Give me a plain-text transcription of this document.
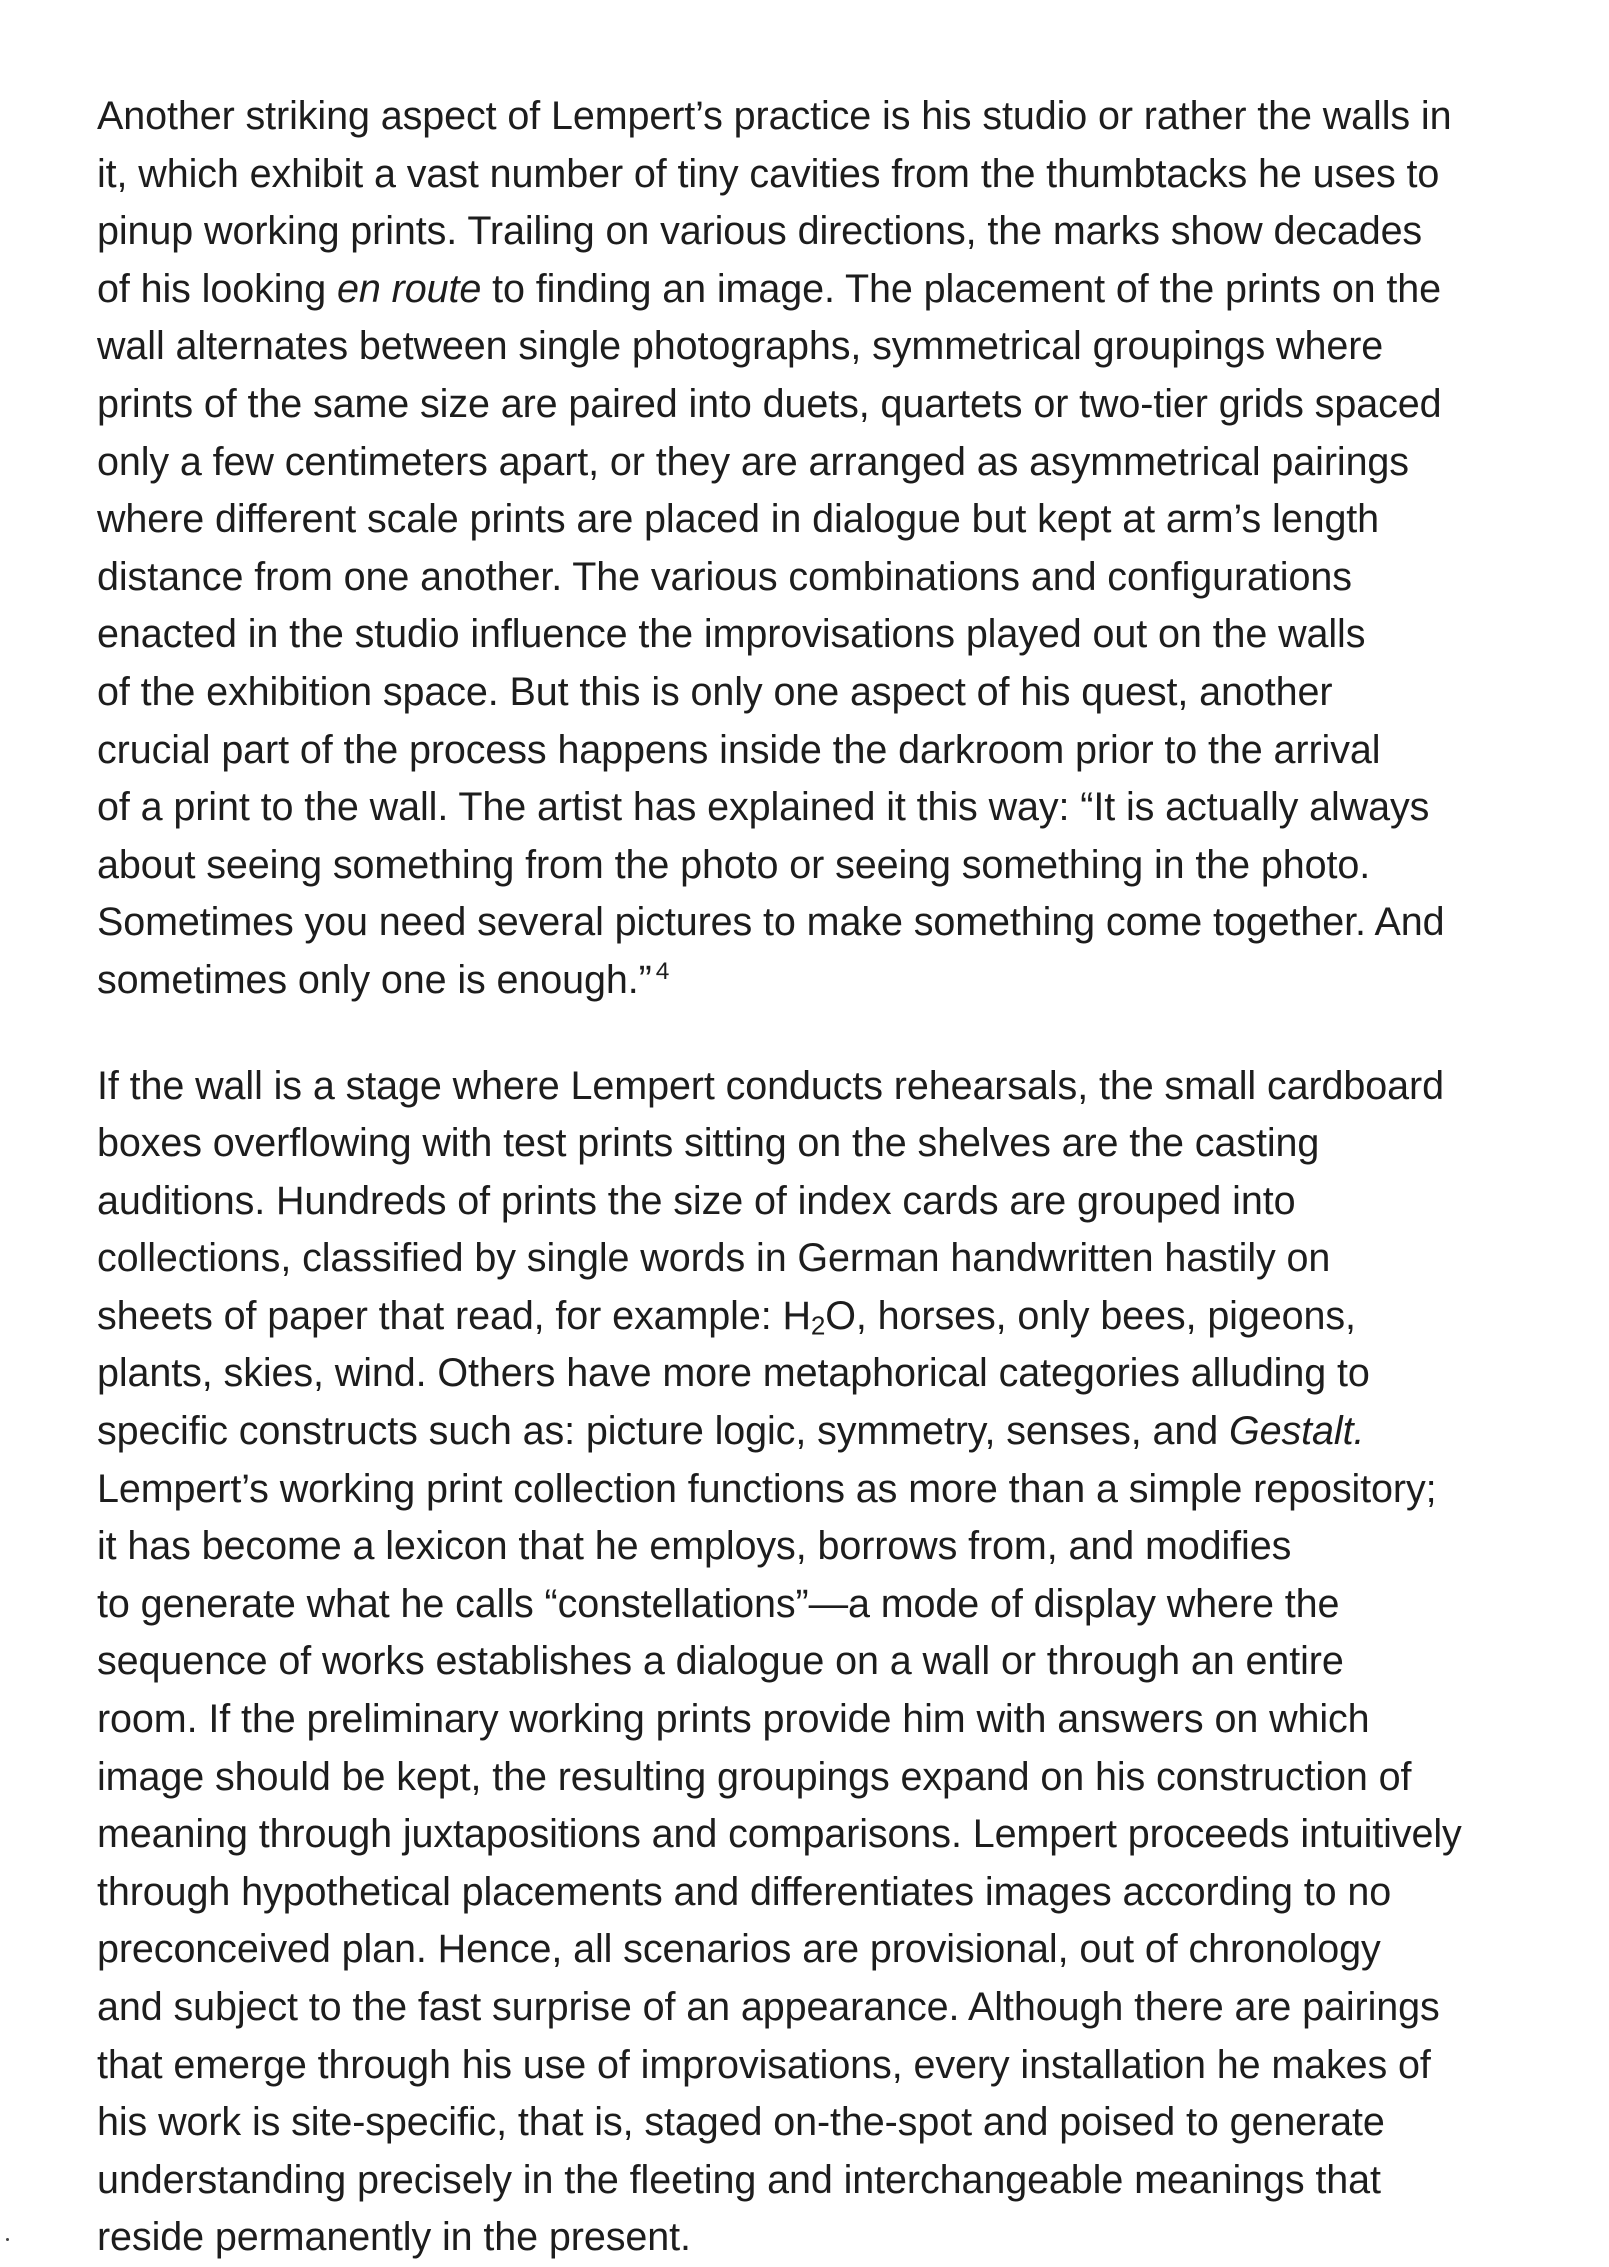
Another striking aspect of Lempert’s practice is his studio or rather the walls in
it, which exhibit a vast number of tiny cavities from the thumbtacks he uses to
pinup working prints. Trailing on various directions, the marks show decades
of his looking en route to finding an image. The placement of the prints on the
wall alternates between single photographs, symmetrical groupings where
prints of the same size are paired into duets, quartets or two-tier grids spaced
only a few centimeters apart, or they are arranged as asymmetrical pairings
where different scale prints are placed in dialogue but kept at arm’s length
distance from one another. The various combinations and configurations
enacted in the studio influence the improvisations played out on the walls
of the exhibition space. But this is only one aspect of his quest, another
crucial part of the process happens inside the darkroom prior to the arrival
of a print to the wall. The artist has explained it this way: “It is actually always
about seeing something from the photo or seeing something in the photo.
Sometimes you need several pictures to make something come together. And
sometimes only one is enough.” $^4$

If the wall is a stage where Lempert conducts rehearsals, the small cardboard
boxes overflowing with test prints sitting on the shelves are the casting
auditions. Hundreds of prints the size of index cards are grouped into
collections, classified by single words in German handwritten hastily on
sheets of paper that read, for example: $H_2O$, horses, only bees, pigeons,
plants, skies, wind. Others have more metaphorical categories alluding to
specific constructs such as: picture logic, symmetry, senses, and Gestalt.
Lempert’s working print collection functions as more than a simple repository;
it has become a lexicon that he employs, borrows from, and modifies
to generate what he calls “constellations”—a mode of display where the
sequence of works establishes a dialogue on a wall or through an entire
room. If the preliminary working prints provide him with answers on which
image should be kept, the resulting groupings expand on his construction of
meaning through juxtapositions and comparisons. Lempert proceeds intuitively
through hypothetical placements and differentiates images according to no
preconceived plan. Hence, all scenarios are provisional, out of chronology
and subject to the fast surprise of an appearance. Although there are pairings
that emerge through his use of improvisations, every installation he makes of
his work is site-specific, that is, staged on-the-spot and poised to generate
understanding precisely in the fleeting and interchangeable meanings that
reside permanently in the present.
